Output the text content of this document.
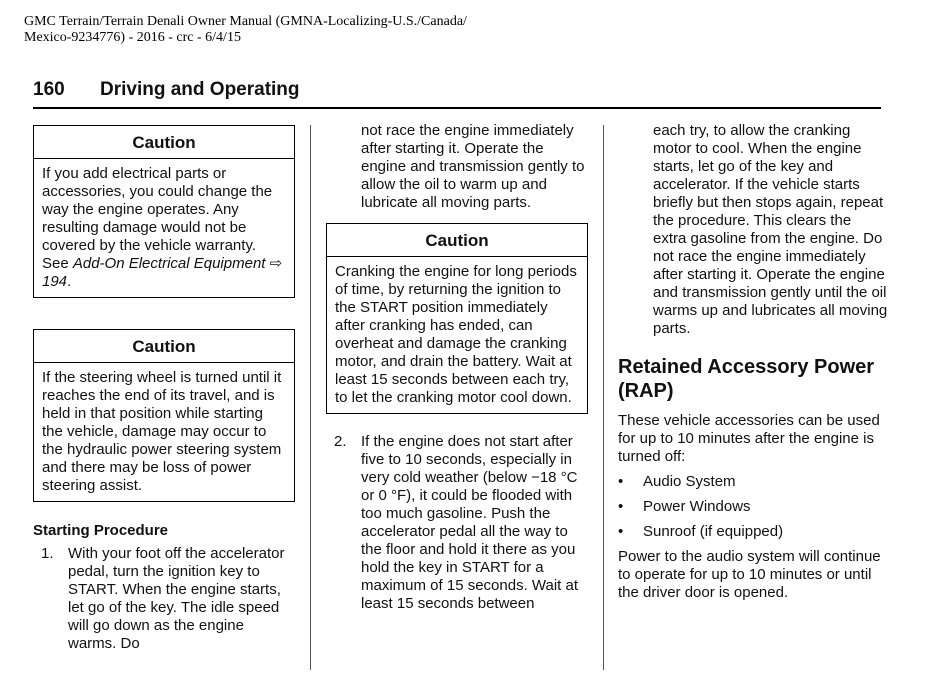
GMC Terrain/Terrain Denali Owner Manual (GMNA-Localizing-U.S./Canada/
Mexico-9234776) - 2016 - crc - 6/4/15
160 Driving and Operating
Caution
If you add electrical parts or accessories, you could change the way the engine operates. Any resulting damage would not be covered by the vehicle warranty. See Add-On Electrical Equipment ⇨ 194.
Caution
If the steering wheel is turned until it reaches the end of its travel, and is held in that position while starting the vehicle, damage may occur to the hydraulic power steering system and there may be loss of power steering assist.
Starting Procedure
1. With your foot off the accelerator pedal, turn the ignition key to START. When the engine starts, let go of the key. The idle speed will go down as the engine warms. Do
not race the engine immediately after starting it. Operate the engine and transmission gently to allow the oil to warm up and lubricate all moving parts.
Caution
Cranking the engine for long periods of time, by returning the ignition to the START position immediately after cranking has ended, can overheat and damage the cranking motor, and drain the battery. Wait at least 15 seconds between each try, to let the cranking motor cool down.
2. If the engine does not start after five to 10 seconds, especially in very cold weather (below −18 °C or 0 °F), it could be flooded with too much gasoline. Push the accelerator pedal all the way to the floor and hold it there as you hold the key in START for a maximum of 15 seconds. Wait at least 15 seconds between
each try, to allow the cranking motor to cool. When the engine starts, let go of the key and accelerator. If the vehicle starts briefly but then stops again, repeat the procedure. This clears the extra gasoline from the engine. Do not race the engine immediately after starting it. Operate the engine and transmission gently until the oil warms up and lubricates all moving parts.
Retained Accessory Power (RAP)

These vehicle accessories can be used for up to 10 minutes after the engine is turned off:

• Audio System
• Power Windows
• Sunroof (if equipped)

Power to the audio system will continue to operate for up to 10 minutes or until the driver door is opened.
